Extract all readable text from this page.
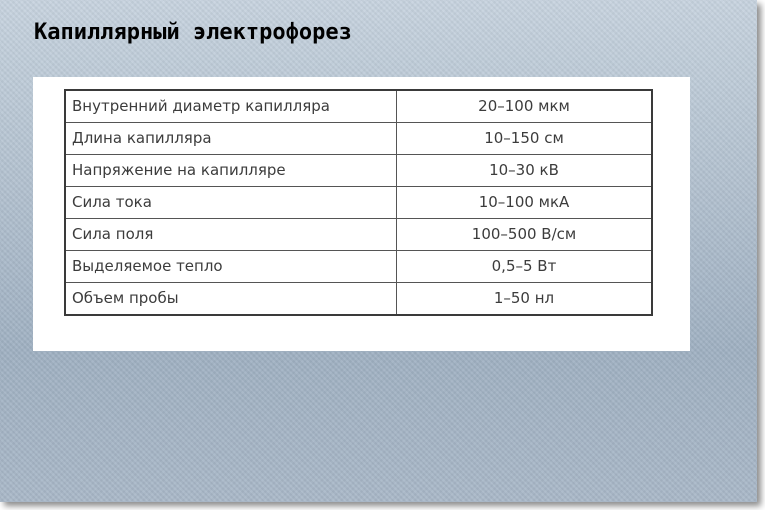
Капиллярный электрофорез
Внутренний диаметр капилляра	20–100 мкм
Длина капилляра	10–150 см
Напряжение на капилляре	10–30 кВ
Сила тока	10–100 мкА
Сила поля	100–500 В/см
Выделяемое тепло	0,5–5 Вт
Объем пробы	1–50 нл
